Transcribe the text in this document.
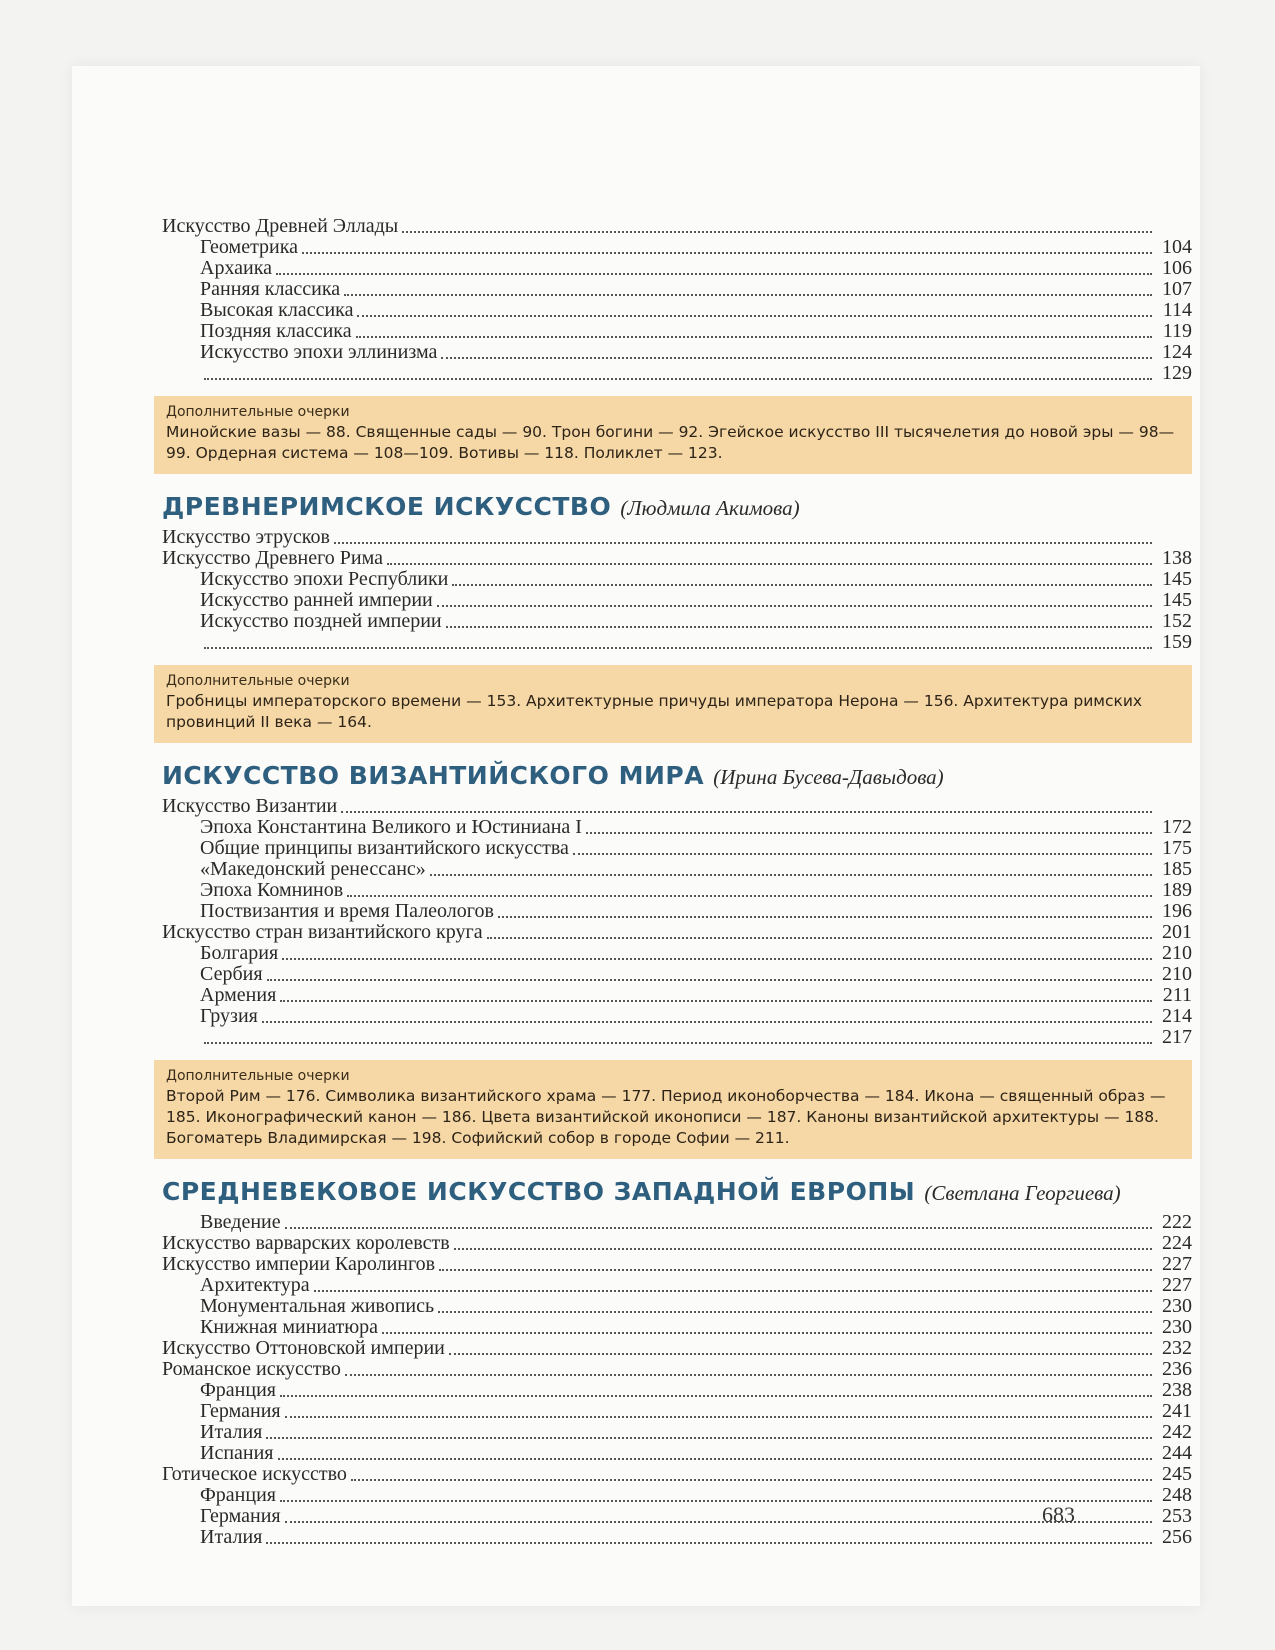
Искусство Древней Эллады
Геометрика	104
Архаика	106
Ранняя классика	107
Высокая классика	114
Поздняя классика	119
Искусство эпохи эллинизма	124
129
Дополнительные очерки
Минойские вазы — 88. Священные сады — 90. Трон богини — 92. Эгейское искусство III тысячелетия до новой эры — 98—99. Ордерная система — 108—109. Вотивы — 118. Поликлет — 123.
ДРЕВНЕРИМСКОЕ ИСКУССТВО (Людмила Акимова)
Искусство этрусков
Искусство Древнего Рима	138
Искусство эпохи Республики	145
Искусство ранней империи	145
Искусство поздней империи	152
159
Дополнительные очерки
Гробницы императорского времени — 153. Архитектурные причуды императора Нерона — 156. Архитектура римских провинций II века — 164.
ИСКУССТВО ВИЗАНТИЙСКОГО МИРА (Ирина Бусева-Давыдова)
Искусство Византии
Эпоха Константина Великого и Юстиниана I	172
Общие принципы византийского искусства	175
«Македонский ренессанс»	185
Эпоха Комнинов	189
Поствизантия и время Палеологов	196
Искусство стран византийского круга	201
Болгария	210
Сербия	210
Армения	211
Грузия	214
217
Дополнительные очерки
Второй Рим — 176. Символика византийского храма — 177. Период иконоборчества — 184. Икона — священный образ — 185. Иконографический канон — 186. Цвета византийской иконописи — 187. Каноны византийской архитектуры — 188. Богоматерь Владимирская — 198. Софийский собор в городе Софии — 211.
СРЕДНЕВЕКОВОЕ ИСКУССТВО ЗАПАДНОЙ ЕВРОПЫ (Светлана Георгиева)
Введение	222
Искусство варварских королевств	224
Искусство империи Каролингов	227
Архитектура	227
Монументальная живопись	230
Книжная миниатюра	230
Искусство Оттоновской империи	232
Романское искусство	236
Франция	238
Германия	241
Италия	242
Испания	244
Готическое искусство	245
Франция	248
Германия	253
Италия	256
683
